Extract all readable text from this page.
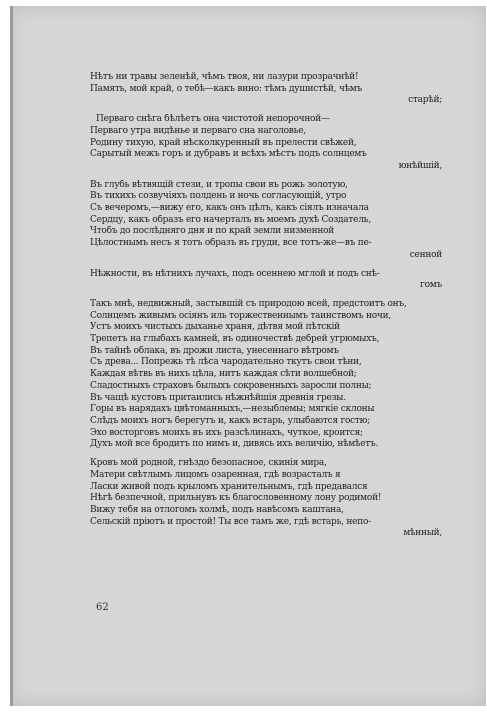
Нѣтъ ни травы зеленѣй, чѣмъ твоя, ни лазури прозрачнѣй!
Память, мой край, о тебѣ—какъ вино: тѣмъ душистѣй, чѣмъ
старѣй;
Перваго снѣга бѣлѣетъ она чистотой непорочной—
Перваго утра видѣнье и перваго сна наголовье,
Родину тихую, край нѣсколкуренный въ прелести свѣжей,
Сарытый межъ горъ и дубравъ и всѣхъ мѣстъ подъ солнцемъ
юнѣйшій,
Въ глубь вѣтвящій стези, и тропы свои въ рожь золотую,
Въ тихихъ созвучіяхъ полдень и ночь согласующій, утро
Съ вечеромъ,—вижу его, какъ онъ цѣлъ, какъ сіялъ изначала
Сердцу, какъ образъ его начерталъ въ моемъ духѣ Создатель,
Чтобъ до послѣдняго дня и по край земли низменной
Цѣлостнымъ несъ я тотъ образъ въ груди, все тотъ-же—въ пе-
сенной
Нѣжности, въ нѣтнихъ лучахъ, подъ осеннею мглой и подъ снѣ-
гомъ
Такъ мнѣ, недвижный, застывшій съ природою всей, предстоитъ онъ,
Солнцемъ живымъ осіянъ иль торжественнымъ таинствомъ ночи,
Устъ моихъ чистыхъ дыханье храня, дѣтвя мой пѣтскій
Трепетъ на глыбахъ камней, въ одиночествѣ дебрей угрюмыхъ,
Въ тайнѣ облака, въ дрожи листа, унесеннаго вѣтромъ
Съ древа... Попрежь тѣ лѣса чародательно ткутъ свои тѣни,
Каждая вѣтвь въ нихъ цѣла, нитъ каждая сѣти волшебной;
Сладостныхъ страховъ былыхъ сокровенныхъ заросли полны;
Въ чащѣ кустовъ притаились нѣжнѣйшія древнія грезы.
Горы въ нарядахъ цвѣтоманныхъ,—незыблемы; мягкіе склоны
Слѣдъ моихъ ногъ берегутъ и, какъ встарь, улыбаются гостю;
Эхо восторговъ моихъ въ ихъ разсѣлинахъ, чуткое, кроится;
Духъ мой все бродитъ по нимъ и, дивясь ихъ величію, нѣмѣетъ.
Кровъ мой родной, гнѣздо безопасное, скинія мира,
Матери свѣтлымъ лицомъ озаренная, гдѣ возрасталъ я
Ласки живой подъ крыломъ хранительнымъ, гдѣ предавался
Нѣгѣ безпечной, прильнувъ къ благословенному лону родимой!
Вижу тебя на отлогомъ холмѣ, подъ навѣсомъ каштана,
Сельскій пріютъ и простой! Ты все тамъ же, гдѣ встарь, непо-
мѣнный,
62
